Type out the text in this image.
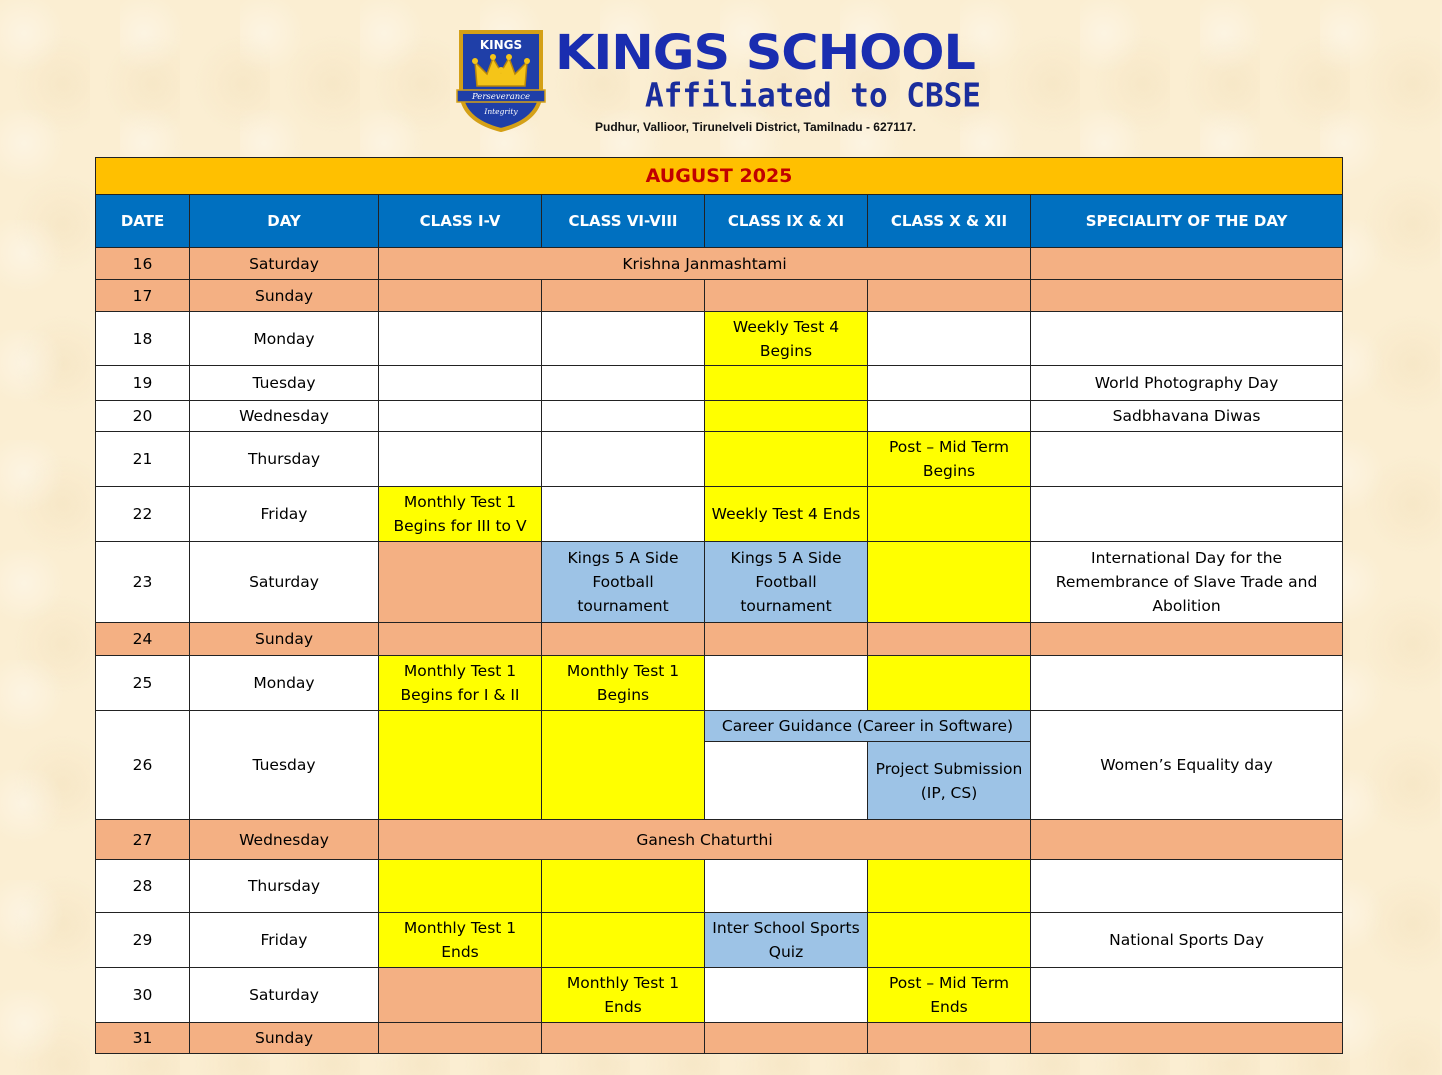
KINGS
Perseverance
Integrity
KINGS SCHOOL
Affiliated to CBSE
Pudhur, Vallioor, Tirunelveli District, Tamilnadu - 627117.
AUGUST 2025						
DATE	DAY	CLASS I-V	CLASS VI-VIII	CLASS IX & XI	CLASS X & XII	SPECIALITY OF THE DAY
16	Saturday	Krishna Janmashtami				
17	Sunday					
18	Monday			Weekly Test 4 Begins		
19	Tuesday					World Photography Day
20	Wednesday					Sadbhavana Diwas
21	Thursday				Post – Mid Term Begins	
22	Friday	Monthly Test 1 Begins for III to V		Weekly Test 4 Ends		
23	Saturday		Kings 5 A Side Football tournament	Kings 5 A Side Football tournament		International Day for the Remembrance of Slave Trade and Abolition
24	Sunday					
25	Monday	Monthly Test 1 Begins for I & II	Monthly Test 1 Begins			
26	Tuesday			Career Guidance (Career in Software)		Women’s Equality day
					Project Submission (IP, CS)	
27	Wednesday	Ganesh Chaturthi				
28	Thursday					
29	Friday	Monthly Test 1 Ends		Inter School Sports Quiz		National Sports Day
30	Saturday		Monthly Test 1 Ends		Post – Mid Term Ends	
31	Sunday					
